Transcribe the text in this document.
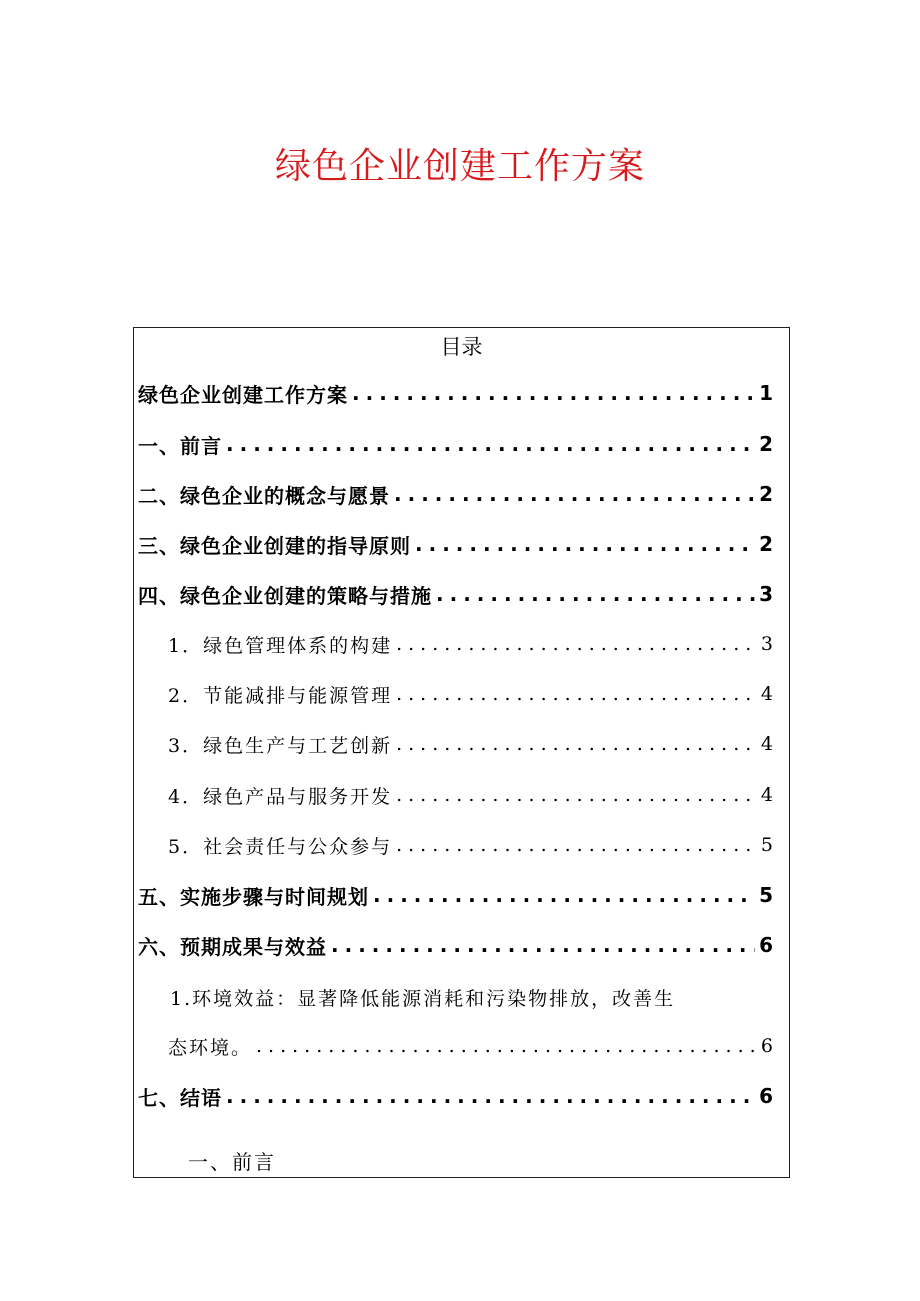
绿色企业创建工作方案
目录
绿色企业创建工作方案 .....	1
一、前言 .....	2
二、绿色企业的概念与愿景 .....	2
三、绿色企业创建的指导原则 .....	2
四、绿色企业创建的策略与措施 .....	3
1．绿色管理体系的构建 .....	3
2．节能减排与能源管理 .....	4
3．绿色生产与工艺创新 .....	4
4．绿色产品与服务开发 .....	4
5．社会责任与公众参与 .....	5
五、实施步骤与时间规划 .....	5
六、预期成果与效益 .....	6
1.环境效益：显著降低能源消耗和污染物排放，改善生
态环境。 .....	6
七、结语 .....	6
一、前言
